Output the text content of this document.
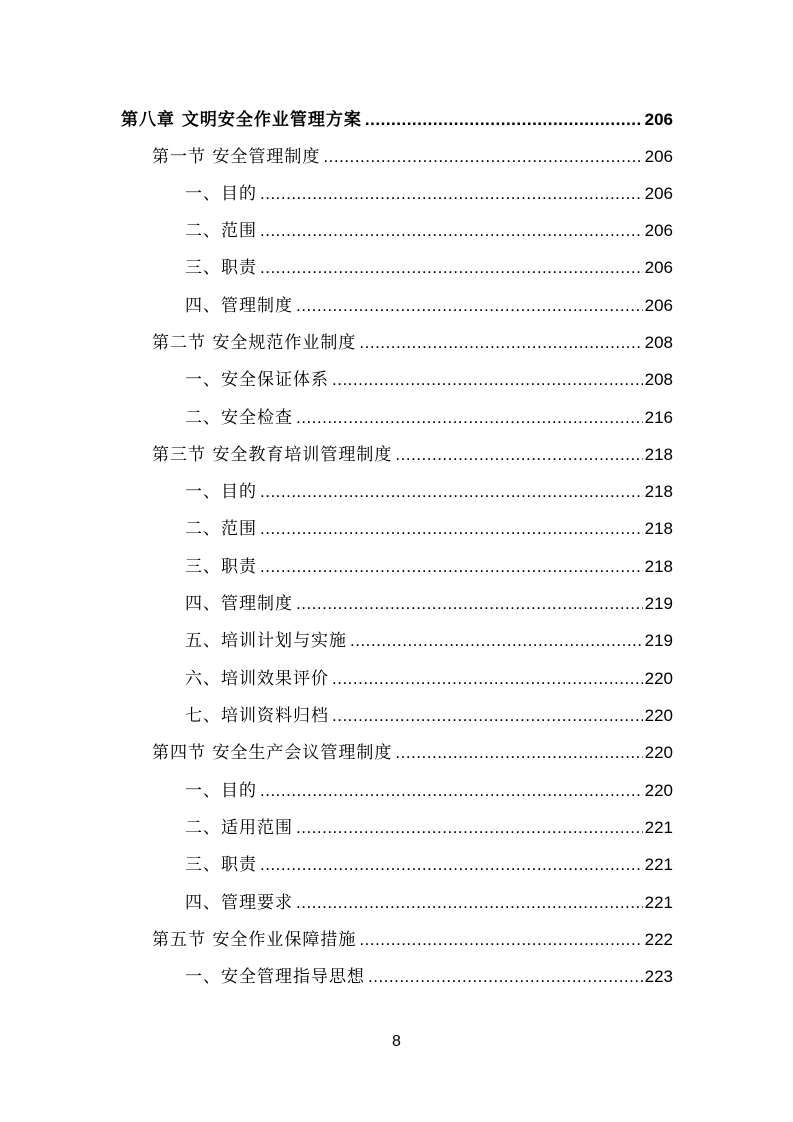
第八章 文明安全作业管理方案 .....	206
第一节 安全管理制度 .....	206
一、目的 .....	206
二、范围 .....	206
三、职责 .....	206
四、管理制度 .....	206
第二节 安全规范作业制度 .....	208
一、安全保证体系 .....	208
二、安全检查 .....	216
第三节 安全教育培训管理制度 .....	218
一、目的 .....	218
二、范围 .....	218
三、职责 .....	218
四、管理制度 .....	219
五、培训计划与实施 .....	219
六、培训效果评价 .....	220
七、培训资料归档 .....	220
第四节 安全生产会议管理制度 .....	220
一、目的 .....	220
二、适用范围 .....	221
三、职责 .....	221
四、管理要求 .....	221
第五节 安全作业保障措施 .....	222
一、安全管理指导思想 .....	223
8
